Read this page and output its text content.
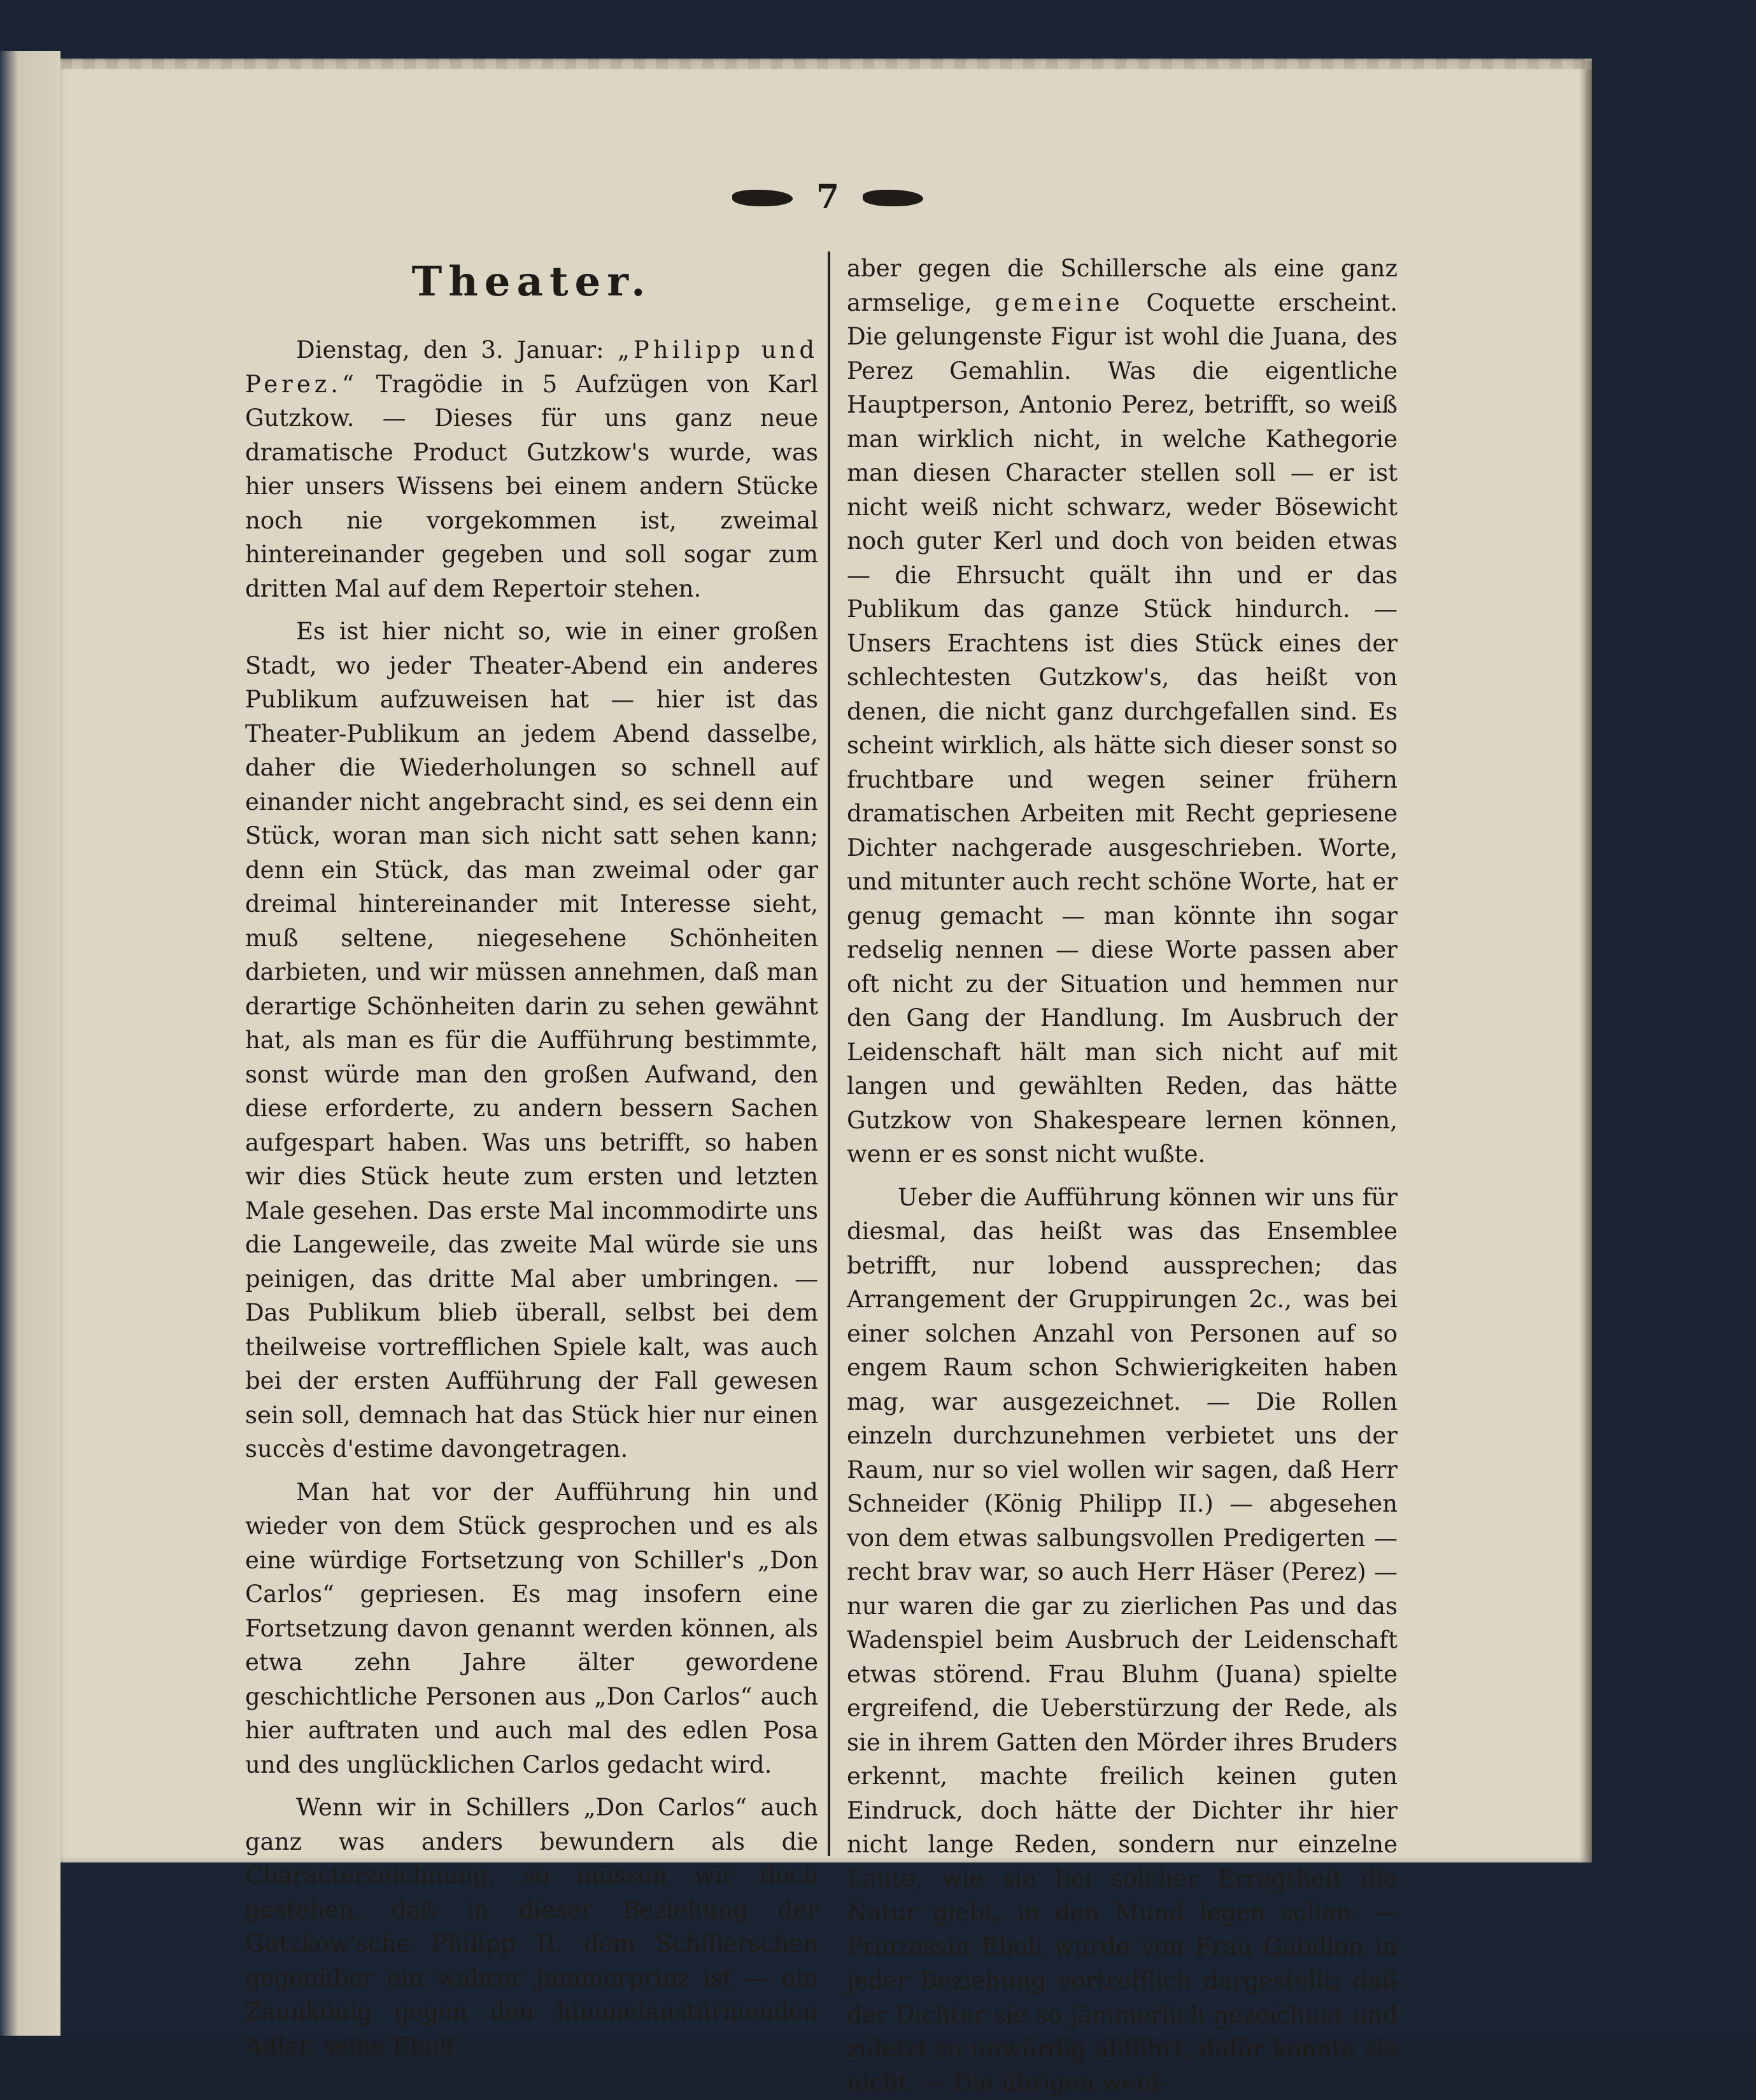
7
Theater.

Dienstag, den 3. Januar: „Philipp und Perez.“ Tragödie in 5 Aufzügen von Karl Gutzkow. — Dieses für uns ganz neue dramatische Product Gutzkow's wurde, was hier unsers Wissens bei einem andern Stücke noch nie vorgekommen ist, zweimal hintereinander gegeben und soll sogar zum dritten Mal auf dem Repertoir stehen.

Es ist hier nicht so, wie in einer großen Stadt, wo jeder Theater-Abend ein anderes Publikum aufzuweisen hat — hier ist das Theater-Publikum an jedem Abend dasselbe, daher die Wiederholungen so schnell auf einander nicht angebracht sind, es sei denn ein Stück, woran man sich nicht satt sehen kann; denn ein Stück, das man zweimal oder gar dreimal hintereinander mit Interesse sieht, muß seltene, niegesehene Schönheiten darbieten, und wir müssen annehmen, daß man derartige Schönheiten darin zu sehen gewähnt hat, als man es für die Aufführung bestimmte, sonst würde man den großen Aufwand, den diese erforderte, zu andern bessern Sachen aufgespart haben. Was uns betrifft, so haben wir dies Stück heute zum ersten und letzten Male gesehen. Das erste Mal incommodirte uns die Langeweile, das zweite Mal würde sie uns peinigen, das dritte Mal aber umbringen. — Das Publikum blieb überall, selbst bei dem theilweise vortrefflichen Spiele kalt, was auch bei der ersten Aufführung der Fall gewesen sein soll, demnach hat das Stück hier nur einen succès d'estime davongetragen.

Man hat vor der Aufführung hin und wieder von dem Stück gesprochen und es als eine würdige Fortsetzung von Schiller's „Don Carlos“ gepriesen. Es mag insofern eine Fortsetzung davon genannt werden können, als etwa zehn Jahre älter gewordene geschichtliche Personen aus „Don Carlos“ auch hier auftraten und auch mal des edlen Posa und des unglücklichen Carlos gedacht wird.

Wenn wir in Schillers „Don Carlos“ auch ganz was anders bewundern als die Characterzeichnung, so müssen wir doch gestehen, daß in dieser Beziehung der Gutzkow'sche Philipp II. dem Schillerschen gegenüber ein wahrer Jammerprinz ist — ein Zaunkönig gegen den himmelanstürmenden Adler, seine Eboli

aber gegen die Schillersche als eine ganz armselige, gemeine Coquette erscheint. Die gelungenste Figur ist wohl die Juana, des Perez Gemahlin. Was die eigentliche Hauptperson, Antonio Perez, betrifft, so weiß man wirklich nicht, in welche Kathegorie man diesen Character stellen soll — er ist nicht weiß nicht schwarz, weder Bösewicht noch guter Kerl und doch von beiden etwas — die Ehrsucht quält ihn und er das Publikum das ganze Stück hindurch. — Unsers Erachtens ist dies Stück eines der schlechtesten Gutzkow's, das heißt von denen, die nicht ganz durchgefallen sind. Es scheint wirklich, als hätte sich dieser sonst so fruchtbare und wegen seiner frühern dramatischen Arbeiten mit Recht gepriesene Dichter nachgerade ausgeschrieben. Worte, und mitunter auch recht schöne Worte, hat er genug gemacht — man könnte ihn sogar redselig nennen — diese Worte passen aber oft nicht zu der Situation und hemmen nur den Gang der Handlung. Im Ausbruch der Leidenschaft hält man sich nicht auf mit langen und gewählten Reden, das hätte Gutzkow von Shakespeare lernen können, wenn er es sonst nicht wußte.

Ueber die Aufführung können wir uns für diesmal, das heißt was das Ensemblee betrifft, nur lobend aussprechen; das Arrangement der Gruppirungen 2c., was bei einer solchen Anzahl von Personen auf so engem Raum schon Schwierigkeiten haben mag, war ausgezeichnet. — Die Rollen einzeln durchzunehmen verbietet uns der Raum, nur so viel wollen wir sagen, daß Herr Schneider (König Philipp II.) — abgesehen von dem etwas salbungsvollen Predigerten — recht brav war, so auch Herr Häser (Perez) — nur waren die gar zu zierlichen Pas und das Wadenspiel beim Ausbruch der Leidenschaft etwas störend. Frau Bluhm (Juana) spielte ergreifend, die Ueberstürzung der Rede, als sie in ihrem Gatten den Mörder ihres Bruders erkennt, machte freilich keinen guten Eindruck, doch hätte der Dichter ihr hier nicht lange Reden, sondern nur einzelne Laute, wie sie bei solcher Erregtheit die Natur giebt, in den Mund legen sollen. — Prinzessin Eboli wurde von Frau Gabillon in jeder Beziehung vortrefflich dargestellt; daß der Dichter sie so jämmerlich gezeichnet und zuletzt so unwürdig abführt, dafür konnte sie nicht. — Die übrigen weni-
